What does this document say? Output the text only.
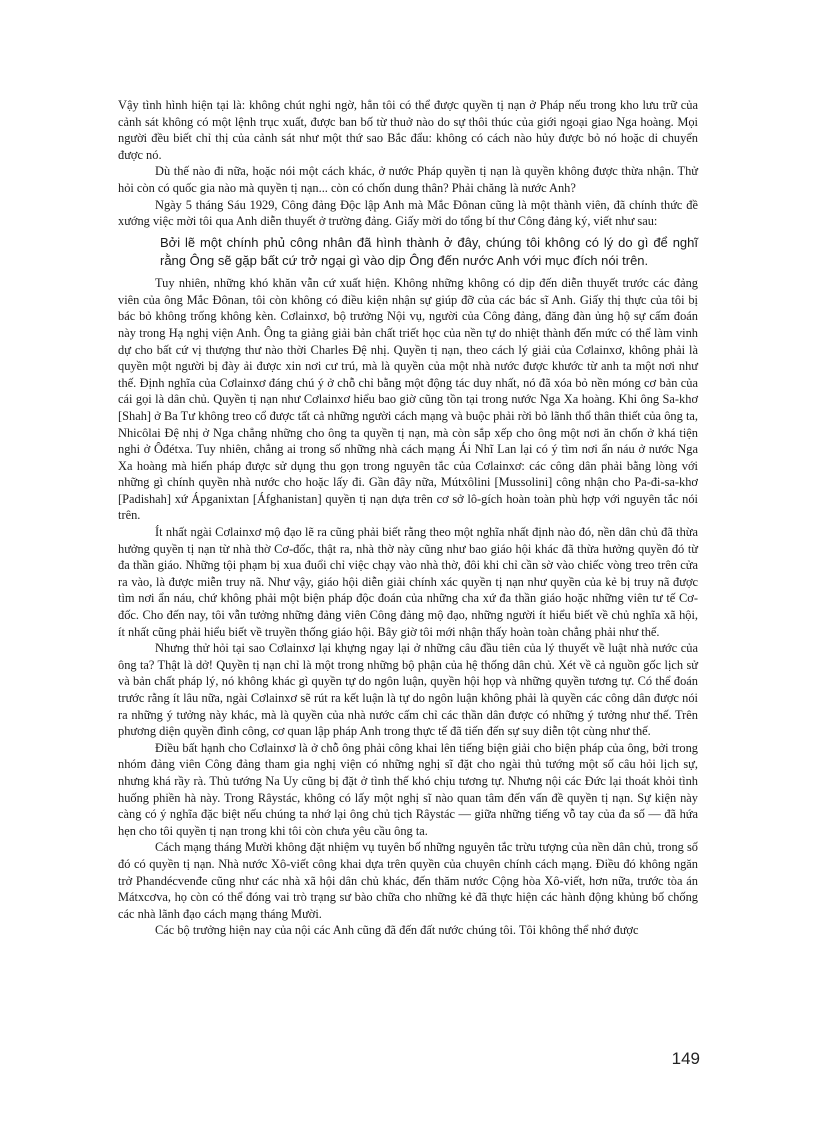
Vậy tình hình hiện tại là: không chút nghi ngờ, hẳn tôi có thể được quyền tị nạn ở Pháp nếu trong kho lưu trữ của cảnh sát không có một lệnh trục xuất, được ban bố từ thuở nào do sự thôi thúc của giới ngoại giao Nga hoàng. Mọi người đều biết chỉ thị của cảnh sát như một thứ sao Bắc đẩu: không có cách nào hủy được bỏ nó hoặc di chuyển được nó.

Dù thế nào đi nữa, hoặc nói một cách khác, ở nước Pháp quyền tị nạn là quyền không được thừa nhận. Thử hỏi còn có quốc gia nào mà quyền tị nạn... còn có chốn dung thân? Phải chăng là nước Anh?

Ngày 5 tháng Sáu 1929, Công đảng Độc lập Anh mà Mắc Đônan cũng là một thành viên, đã chính thức đề xướng việc mời tôi qua Anh diễn thuyết ở trường đảng. Giấy mời do tổng bí thư Công đảng ký, viết như sau:

Bởi lẽ một chính phủ công nhân đã hình thành ở đây, chúng tôi không có lý do gì để nghĩ rằng Ông sẽ gặp bất cứ trở ngại gì vào dịp Ông đến nước Anh với mục đích nói trên.

Tuy nhiên, những khó khăn vẫn cứ xuất hiện. Không những không có dịp đến diễn thuyết trước các đảng viên của ông Mắc Đônan, tôi còn không có điều kiện nhận sự giúp đỡ của các bác sĩ Anh. Giấy thị thực của tôi bị bác bỏ không trống không kèn. Cơlainxơ, bộ trưởng Nội vụ, người của Công đảng, đăng đàn ủng hộ sự cấm đoán này trong Hạ nghị viện Anh. Ông ta giảng giải bản chất triết học của nền tự do nhiệt thành đến mức có thể làm vinh dự cho bất cứ vị thượng thư nào thời Charles Đệ nhị. Quyền tị nạn, theo cách lý giải của Cơlainxơ, không phải là quyền một người bị đày ải được xin nơi cư trú, mà là quyền của một nhà nước được khước từ anh ta một nơi như thế. Định nghĩa của Cơlainxơ đáng chú ý ở chỗ chỉ bằng một động tác duy nhất, nó đã xóa bỏ nền móng cơ bản của cái gọi là dân chủ. Quyền tị nạn như Cơlainxơ hiểu bao giờ cũng tồn tại trong nước Nga Xa hoàng. Khi ông Sa-khơ [Shah] ở Ba Tư không treo cổ được tất cả những người cách mạng và buộc phải rời bỏ lãnh thổ thân thiết của ông ta, Nhicôlai Đệ nhị ở Nga chẳng những cho ông ta quyền tị nạn, mà còn sắp xếp cho ông một nơi ăn chốn ở khá tiện nghi ở Ôđétxa. Tuy nhiên, chẳng ai trong số những nhà cách mạng Ái Nhĩ Lan lại có ý tìm nơi ẩn náu ở nước Nga Xa hoàng mà hiến pháp được sử dụng thu gọn trong nguyên tắc của Cơlainxơ: các công dân phải bằng lòng với những gì chính quyền nhà nước cho hoặc lấy đi. Gần đây nữa, Mútxôlini [Mussolini] công nhận cho Pa-đi-sa-khơ [Padishah] xứ Ápganixtan [Áfghanistan] quyền tị nạn dựa trên cơ sở lô-gích hoàn toàn phù hợp với nguyên tắc nói trên.

Ít nhất ngài Cơlainxơ mộ đạo lẽ ra cũng phải biết rằng theo một nghĩa nhất định nào đó, nền dân chủ đã thừa hưởng quyền tị nạn từ nhà thờ Cơ-đốc, thật ra, nhà thờ này cũng như bao giáo hội khác đã thừa hưởng quyền đó từ đa thần giáo. Những tội phạm bị xua đuổi chỉ việc chạy vào nhà thờ, đôi khi chỉ cần sờ vào chiếc vòng treo trên cửa ra vào, là được miễn truy nã. Như vậy, giáo hội diễn giải chính xác quyền tị nạn như quyền của kẻ bị truy nã được tìm nơi ẩn náu, chứ không phải một biện pháp độc đoán của những cha xứ đa thần giáo hoặc những viên tư tế Cơ-đốc. Cho đến nay, tôi vẫn tưởng những đảng viên Công đảng mộ đạo, những người ít hiểu biết về chủ nghĩa xã hội, ít nhất cũng phải hiểu biết về truyền thống giáo hội. Bây giờ tôi mới nhận thấy hoàn toàn chẳng phải như thế.

Nhưng thử hỏi tại sao Cơlainxơ lại khựng ngay lại ở những câu đầu tiên của lý thuyết về luật nhà nước của ông ta? Thật là dở! Quyền tị nạn chỉ là một trong những bộ phận của hệ thống dân chủ. Xét về cả nguồn gốc lịch sử và bản chất pháp lý, nó không khác gì quyền tự do ngôn luận, quyền hội họp và những quyền tương tự. Có thể đoán trước rằng ít lâu nữa, ngài Cơlainxơ sẽ rút ra kết luận là tự do ngôn luận không phải là quyền các công dân được nói ra những ý tưởng này khác, mà là quyền của nhà nước cấm chỉ các thần dân được có những ý tưởng như thế. Trên phương diện quyền đình công, cơ quan lập pháp Anh trong thực tế đã tiến đến sự suy diễn tột cùng như thế.

Điều bất hạnh cho Cơlainxơ là ở chỗ ông phải công khai lên tiếng biện giải cho biện pháp của ông, bởi trong nhóm đảng viên Công đảng tham gia nghị viện có những nghị sĩ đặt cho ngài thủ tướng một số câu hỏi lịch sự, nhưng khá rầy rà. Thủ tướng Na Uy cũng bị đặt ở tình thế khó chịu tương tự. Nhưng nội các Đức lại thoát khỏi tình huống phiền hà này. Trong Râystác, không có lấy một nghị sĩ nào quan tâm đến vấn đề quyền tị nạn. Sự kiện này càng có ý nghĩa đặc biệt nếu chúng ta nhớ lại ông chủ tịch Râystác — giữa những tiếng vỗ tay của đa số — đã hứa hẹn cho tôi quyền tị nạn trong khi tôi còn chưa yêu cầu ông ta.

Cách mạng tháng Mười không đặt nhiệm vụ tuyên bố những nguyên tắc trừu tượng của nền dân chủ, trong số đó có quyền tị nạn. Nhà nước Xô-viết công khai dựa trên quyền của chuyên chính cách mạng. Điều đó không ngăn trở Phandécvenđe cũng như các nhà xã hội dân chủ khác, đến thăm nước Cộng hòa Xô-viết, hơn nữa, trước tòa án Mátxcơva, họ còn có thể đóng vai trò trạng sư bào chữa cho những kẻ đã thực hiện các hành động khủng bố chống các nhà lãnh đạo cách mạng tháng Mười.

Các bộ trưởng hiện nay của nội các Anh cũng đã đến đất nước chúng tôi. Tôi không thể nhớ được

149
